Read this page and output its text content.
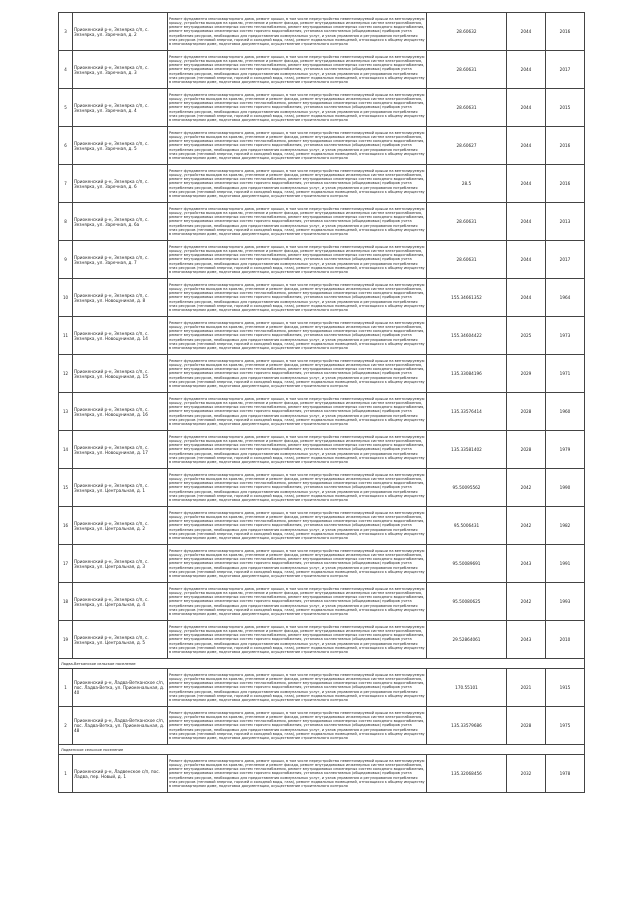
3	Приокенский р-н, Зезнярка с/п, с. Зезнярка, ул. Заречная, д. 2	Ремонт фундамента многоквартирного дома, ремонт крыши, в том числе переустройство невентилируемой крыши на вентилируемую крышу, устройство выходов на кровлю, утепление и ремонт фасада, ремонт внутридомовых инженерных систем электроснабжения, ремонт внутридомовых инженерных систем теплоснабжения, ремонт внутридомовых инженерных систем холодного водоснабжения, ремонт внутридомовых инженерных систем горячего водоснабжения, установка коллективных (общедомовых) приборов учета потребления ресурсов, необходимых для предоставления коммунальных услуг, и узлов управления и регулирования потребления этих ресурсов (тепловой энергии, горячей и холодной воды, газа), ремонт подвальных помещений, относящихся к общему имуществу в многоквартирном доме, подготовка документации, осуществление строительного контроля	28.60632	2044	2016
4	Приокенский р-н, Зезнярка с/п, с. Зезнярка, ул. Заречная, д. 3	Ремонт фундамента многоквартирного дома, ремонт крыши, в том числе переустройство невентилируемой крыши на вентилируемую крышу, устройство выходов на кровлю, утепление и ремонт фасада, ремонт внутридомовых инженерных систем электроснабжения, ремонт внутридомовых инженерных систем теплоснабжения, ремонт внутридомовых инженерных систем холодного водоснабжения, ремонт внутридомовых инженерных систем горячего водоснабжения, установка коллективных (общедомовых) приборов учета потребления ресурсов, необходимых для предоставления коммунальных услуг, и узлов управления и регулирования потребления этих ресурсов (тепловой энергии, горячей и холодной воды, газа), ремонт подвальных помещений, относящихся к общему имуществу в многоквартирном доме, подготовка документации, осуществление строительного контроля	28.60631	2044	2017
5	Приокенский р-н, Зезнярка с/п, с. Зезнярка, ул. Заречная, д. 4	Ремонт фундамента многоквартирного дома, ремонт крыши, в том числе переустройство невентилируемой крыши на вентилируемую крышу, устройство выходов на кровлю, утепление и ремонт фасада, ремонт внутридомовых инженерных систем электроснабжения, ремонт внутридомовых инженерных систем теплоснабжения, ремонт внутридомовых инженерных систем холодного водоснабжения, ремонт внутридомовых инженерных систем горячего водоснабжения, установка коллективных (общедомовых) приборов учета потребления ресурсов, необходимых для предоставления коммунальных услуг, и узлов управления и регулирования потребления этих ресурсов (тепловой энергии, горячей и холодной воды, газа), ремонт подвальных помещений, относящихся к общему имуществу в многоквартирном доме, подготовка документации, осуществление строительного контроля	28.60631	2044	2015
6	Приокенский р-н, Зезнярка с/п, с. Зезнярка, ул. Заречная, д. 5	Ремонт фундамента многоквартирного дома, ремонт крыши, в том числе переустройство невентилируемой крыши на вентилируемую крышу, устройство выходов на кровлю, утепление и ремонт фасада, ремонт внутридомовых инженерных систем электроснабжения, ремонт внутридомовых инженерных систем теплоснабжения, ремонт внутридомовых инженерных систем холодного водоснабжения, ремонт внутридомовых инженерных систем горячего водоснабжения, установка коллективных (общедомовых) приборов учета потребления ресурсов, необходимых для предоставления коммунальных услуг, и узлов управления и регулирования потребления этих ресурсов (тепловой энергии, горячей и холодной воды, газа), ремонт подвальных помещений, относящихся к общему имуществу в многоквартирном доме, подготовка документации, осуществление строительного контроля	28.60627	2044	2016
7	Приокенский р-н, Зезнярка с/п, с. Зезнярка, ул. Заречная, д. 6	Ремонт фундамента многоквартирного дома, ремонт крыши, в том числе переустройство невентилируемой крыши на вентилируемую крышу, устройство выходов на кровлю, утепление и ремонт фасада, ремонт внутридомовых инженерных систем электроснабжения, ремонт внутридомовых инженерных систем теплоснабжения, ремонт внутридомовых инженерных систем холодного водоснабжения, ремонт внутридомовых инженерных систем горячего водоснабжения, установка коллективных (общедомовых) приборов учета потребления ресурсов, необходимых для предоставления коммунальных услуг, и узлов управления и регулирования потребления этих ресурсов (тепловой энергии, горячей и холодной воды, газа), ремонт подвальных помещений, относящихся к общему имуществу в многоквартирном доме, подготовка документации, осуществление строительного контроля	28.5	2044	2016
8	Приокенский р-н, Зезнярка с/п, с. Зезнярка, ул. Заречная, д. 6а	Ремонт фундамента многоквартирного дома, ремонт крыши, в том числе переустройство невентилируемой крыши на вентилируемую крышу, устройство выходов на кровлю, утепление и ремонт фасада, ремонт внутридомовых инженерных систем электроснабжения, ремонт внутридомовых инженерных систем теплоснабжения, ремонт внутридомовых инженерных систем холодного водоснабжения, ремонт внутридомовых инженерных систем горячего водоснабжения, установка коллективных (общедомовых) приборов учета потребления ресурсов, необходимых для предоставления коммунальных услуг, и узлов управления и регулирования потребления этих ресурсов (тепловой энергии, горячей и холодной воды, газа), ремонт подвальных помещений, относящихся к общему имуществу в многоквартирном доме, подготовка документации, осуществление строительного контроля	28.60631	2044	2013
9	Приокенский р-н, Зезнярка с/п, с. Зезнярка, ул. Заречная, д. 7	Ремонт фундамента многоквартирного дома, ремонт крыши, в том числе переустройство невентилируемой крыши на вентилируемую крышу, устройство выходов на кровлю, утепление и ремонт фасада, ремонт внутридомовых инженерных систем электроснабжения, ремонт внутридомовых инженерных систем теплоснабжения, ремонт внутридомовых инженерных систем холодного водоснабжения, ремонт внутридомовых инженерных систем горячего водоснабжения, установка коллективных (общедомовых) приборов учета потребления ресурсов, необходимых для предоставления коммунальных услуг, и узлов управления и регулирования потребления этих ресурсов (тепловой энергии, горячей и холодной воды, газа), ремонт подвальных помещений, относящихся к общему имуществу в многоквартирном доме, подготовка документации, осуществление строительного контроля	28.60631	2044	2017
10	Приокенский р-н, Зезнярка с/п, с. Зезнярка, ул. Новоцуниная, д. 8	Ремонт фундамента многоквартирного дома, ремонт крыши, в том числе переустройство невентилируемой крыши на вентилируемую крышу, устройство выходов на кровлю, утепление и ремонт фасада, ремонт внутридомовых инженерных систем электроснабжения, ремонт внутридомовых инженерных систем теплоснабжения, ремонт внутридомовых инженерных систем холодного водоснабжения, ремонт внутридомовых инженерных систем горячего водоснабжения, установка коллективных (общедомовых) приборов учета потребления ресурсов, необходимых для предоставления коммунальных услуг, и узлов управления и регулирования потребления этих ресурсов (тепловой энергии, горячей и холодной воды, газа), ремонт подвальных помещений, относящихся к общему имуществу в многоквартирном доме, подготовка документации, осуществление строительного контроля	155.34661352	2044	1964
11	Приокенский р-н, Зезнярка с/п, с. Зезнярка, ул. Новоцуниная, д. 14	Ремонт фундамента многоквартирного дома, ремонт крыши, в том числе переустройство невентилируемой крыши на вентилируемую крышу, устройство выходов на кровлю, утепление и ремонт фасада, ремонт внутридомовых инженерных систем электроснабжения, ремонт внутридомовых инженерных систем теплоснабжения, ремонт внутридомовых инженерных систем холодного водоснабжения, ремонт внутридомовых инженерных систем горячего водоснабжения, установка коллективных (общедомовых) приборов учета потребления ресурсов, необходимых для предоставления коммунальных услуг, и узлов управления и регулирования потребления этих ресурсов (тепловой энергии, горячей и холодной воды, газа), ремонт подвальных помещений, относящихся к общему имуществу в многоквартирном доме, подготовка документации, осуществление строительного контроля	155.34604422	2025	1973
12	Приокенский р-н, Зезнярка с/п, с. Зезнярка, ул. Новоцуниная, д. 15	Ремонт фундамента многоквартирного дома, ремонт крыши, в том числе переустройство невентилируемой крыши на вентилируемую крышу, устройство выходов на кровлю, утепление и ремонт фасада, ремонт внутридомовых инженерных систем электроснабжения, ремонт внутридомовых инженерных систем теплоснабжения, ремонт внутридомовых инженерных систем холодного водоснабжения, ремонт внутридомовых инженерных систем горячего водоснабжения, установка коллективных (общедомовых) приборов учета потребления ресурсов, необходимых для предоставления коммунальных услуг, и узлов управления и регулирования потребления этих ресурсов (тепловой энергии, горячей и холодной воды, газа), ремонт подвальных помещений, относящихся к общему имуществу в многоквартирном доме, подготовка документации, осуществление строительного контроля	135.33084196	2029	1971
13	Приокенский р-н, Зезнярка с/п, с. Зезнярка, ул. Новоцуниная, д. 16	Ремонт фундамента многоквартирного дома, ремонт крыши, в том числе переустройство невентилируемой крыши на вентилируемую крышу, устройство выходов на кровлю, утепление и ремонт фасада, ремонт внутридомовых инженерных систем электроснабжения, ремонт внутридомовых инженерных систем теплоснабжения, ремонт внутридомовых инженерных систем холодного водоснабжения, ремонт внутридомовых инженерных систем горячего водоснабжения, установка коллективных (общедомовых) приборов учета потребления ресурсов, необходимых для предоставления коммунальных услуг, и узлов управления и регулирования потребления этих ресурсов (тепловой энергии, горячей и холодной воды, газа), ремонт подвальных помещений, относящихся к общему имуществу в многоквартирном доме, подготовка документации, осуществление строительного контроля	135.33576414	2028	1960
14	Приокенский р-н, Зезнярка с/п, с. Зезнярка, ул. Новоцуниная, д. 17	Ремонт фундамента многоквартирного дома, ремонт крыши, в том числе переустройство невентилируемой крыши на вентилируемую крышу, устройство выходов на кровлю, утепление и ремонт фасада, ремонт внутридомовых инженерных систем электроснабжения, ремонт внутридомовых инженерных систем теплоснабжения, ремонт внутридомовых инженерных систем холодного водоснабжения, ремонт внутридомовых инженерных систем горячего водоснабжения, установка коллективных (общедомовых) приборов учета потребления ресурсов, необходимых для предоставления коммунальных услуг, и узлов управления и регулирования потребления этих ресурсов (тепловой энергии, горячей и холодной воды, газа), ремонт подвальных помещений, относящихся к общему имуществу в многоквартирном доме, подготовка документации, осуществление строительного контроля	135.33581402	2028	1979
15	Приокенский р-н, Зезнярка с/п, с. Зезнярка, ул. Центральная, д. 1	Ремонт фундамента многоквартирного дома, ремонт крыши, в том числе переустройство невентилируемой крыши на вентилируемую крышу, устройство выходов на кровлю, утепление и ремонт фасада, ремонт внутридомовых инженерных систем электроснабжения, ремонт внутридомовых инженерных систем теплоснабжения, ремонт внутридомовых инженерных систем холодного водоснабжения, ремонт внутридомовых инженерных систем горячего водоснабжения, установка коллективных (общедомовых) приборов учета потребления ресурсов, необходимых для предоставления коммунальных услуг, и узлов управления и регулирования потребления этих ресурсов (тепловой энергии, горячей и холодной воды, газа), ремонт подвальных помещений, относящихся к общему имуществу в многоквартирном доме, подготовка документации, осуществление строительного контроля	95.50095562	2042	1990
16	Приокенский р-н, Зезнярка с/п, с. Зезнярка, ул. Центральная, д. 2	Ремонт фундамента многоквартирного дома, ремонт крыши, в том числе переустройство невентилируемой крыши на вентилируемую крышу, устройство выходов на кровлю, утепление и ремонт фасада, ремонт внутридомовых инженерных систем электроснабжения, ремонт внутридомовых инженерных систем теплоснабжения, ремонт внутридомовых инженерных систем холодного водоснабжения, ремонт внутридомовых инженерных систем горячего водоснабжения, установка коллективных (общедомовых) приборов учета потребления ресурсов, необходимых для предоставления коммунальных услуг, и узлов управления и регулирования потребления этих ресурсов (тепловой энергии, горячей и холодной воды, газа), ремонт подвальных помещений, относящихся к общему имуществу в многоквартирном доме, подготовка документации, осуществление строительного контроля	95.5006431	2042	1982
17	Приокенский р-н, Зезнярка с/п, с. Зезнярка, ул. Центральная, д. 3	Ремонт фундамента многоквартирного дома, ремонт крыши, в том числе переустройство невентилируемой крыши на вентилируемую крышу, устройство выходов на кровлю, утепление и ремонт фасада, ремонт внутридомовых инженерных систем электроснабжения, ремонт внутридомовых инженерных систем теплоснабжения, ремонт внутридомовых инженерных систем холодного водоснабжения, ремонт внутридомовых инженерных систем горячего водоснабжения, установка коллективных (общедомовых) приборов учета потребления ресурсов, необходимых для предоставления коммунальных услуг, и узлов управления и регулирования потребления этих ресурсов (тепловой энергии, горячей и холодной воды, газа), ремонт подвальных помещений, относящихся к общему имуществу в многоквартирном доме, подготовка документации, осуществление строительного контроля	95.50089691	2043	1991
18	Приокенский р-н, Зезнярка с/п, с. Зезнярка, ул. Центральная, д. 4	Ремонт фундамента многоквартирного дома, ремонт крыши, в том числе переустройство невентилируемой крыши на вентилируемую крышу, устройство выходов на кровлю, утепление и ремонт фасада, ремонт внутридомовых инженерных систем электроснабжения, ремонт внутридомовых инженерных систем теплоснабжения, ремонт внутридомовых инженерных систем холодного водоснабжения, ремонт внутридомовых инженерных систем горячего водоснабжения, установка коллективных (общедомовых) приборов учета потребления ресурсов, необходимых для предоставления коммунальных услуг, и узлов управления и регулирования потребления этих ресурсов (тепловой энергии, горячей и холодной воды, газа), ремонт подвальных помещений, относящихся к общему имуществу в многоквартирном доме, подготовка документации, осуществление строительного контроля	95.50080625	2042	1993
19	Приокенский р-н, Зезнярка с/п, с. Зезнярка, ул. Центральная, д. 5	Ремонт фундамента многоквартирного дома, ремонт крыши, в том числе переустройство невентилируемой крыши на вентилируемую крышу, устройство выходов на кровлю, утепление и ремонт фасада, ремонт внутридомовых инженерных систем электроснабжения, ремонт внутридомовых инженерных систем теплоснабжения, ремонт внутридомовых инженерных систем холодного водоснабжения, ремонт внутридомовых инженерных систем горячего водоснабжения, установка коллективных (общедомовых) приборов учета потребления ресурсов, необходимых для предоставления коммунальных услуг, и узлов управления и регулирования потребления этих ресурсов (тепловой энергии, горячей и холодной воды, газа), ремонт подвальных помещений, относящихся к общему имуществу в многоквартирном доме, подготовка документации, осуществление строительного контроля	29.52864061	2043	2010
Ладва-Ветканское сельское поселение					
1	Приокенский р-н, Ладва-Ветканское с/п, пос. Ладва-Ветка, ул. Приокенальная, д. 40	Ремонт фундамента многоквартирного дома, ремонт крыши, в том числе переустройство невентилируемой крыши на вентилируемую крышу, устройство выходов на кровлю, утепление и ремонт фасада, ремонт внутридомовых инженерных систем электроснабжения, ремонт внутридомовых инженерных систем теплоснабжения, ремонт внутридомовых инженерных систем холодного водоснабжения, ремонт внутридомовых инженерных систем горячего водоснабжения, установка коллективных (общедомовых) приборов учета потребления ресурсов, необходимых для предоставления коммунальных услуг, и узлов управления и регулирования потребления этих ресурсов (тепловой энергии, горячей и холодной воды, газа), ремонт подвальных помещений, относящихся к общему имуществу в многоквартирном доме, подготовка документации, осуществление строительного контроля	170.55101	2021	1915
2	Приокенский р-н, Ладва-Ветканское с/п, пос. Ладва-Ветка, ул. Приокенальная, д. 48	Ремонт фундамента многоквартирного дома, ремонт крыши, в том числе переустройство невентилируемой крыши на вентилируемую крышу, устройство выходов на кровлю, утепление и ремонт фасада, ремонт внутридомовых инженерных систем электроснабжения, ремонт внутридомовых инженерных систем теплоснабжения, ремонт внутридомовых инженерных систем холодного водоснабжения, ремонт внутридомовых инженерных систем горячего водоснабжения, установка коллективных (общедомовых) приборов учета потребления ресурсов, необходимых для предоставления коммунальных услуг, и узлов управления и регулирования потребления этих ресурсов (тепловой энергии, горячей и холодной воды, газа), ремонт подвальных помещений, относящихся к общему имуществу в многоквартирном доме, подготовка документации, осуществление строительного контроля	135.33579686	2028	1975
Ладвенское сельское поселение					
1	Приокенский р-н, Ладвенское с/п, пос. Ладва, пер. Новый, д. 1	Ремонт фундамента многоквартирного дома, ремонт крыши, в том числе переустройство невентилируемой крыши на вентилируемую крышу, устройство выходов на кровлю, утепление и ремонт фасада, ремонт внутридомовых инженерных систем электроснабжения, ремонт внутридомовых инженерных систем теплоснабжения, ремонт внутридомовых инженерных систем холодного водоснабжения, ремонт внутридомовых инженерных систем горячего водоснабжения, установка коллективных (общедомовых) приборов учета потребления ресурсов, необходимых для предоставления коммунальных услуг, и узлов управления и регулирования потребления этих ресурсов (тепловой энергии, горячей и холодной воды, газа), ремонт подвальных помещений, относящихся к общему имуществу в многоквартирном доме, подготовка документации, осуществление строительного контроля	135.32068456	2032	1978
